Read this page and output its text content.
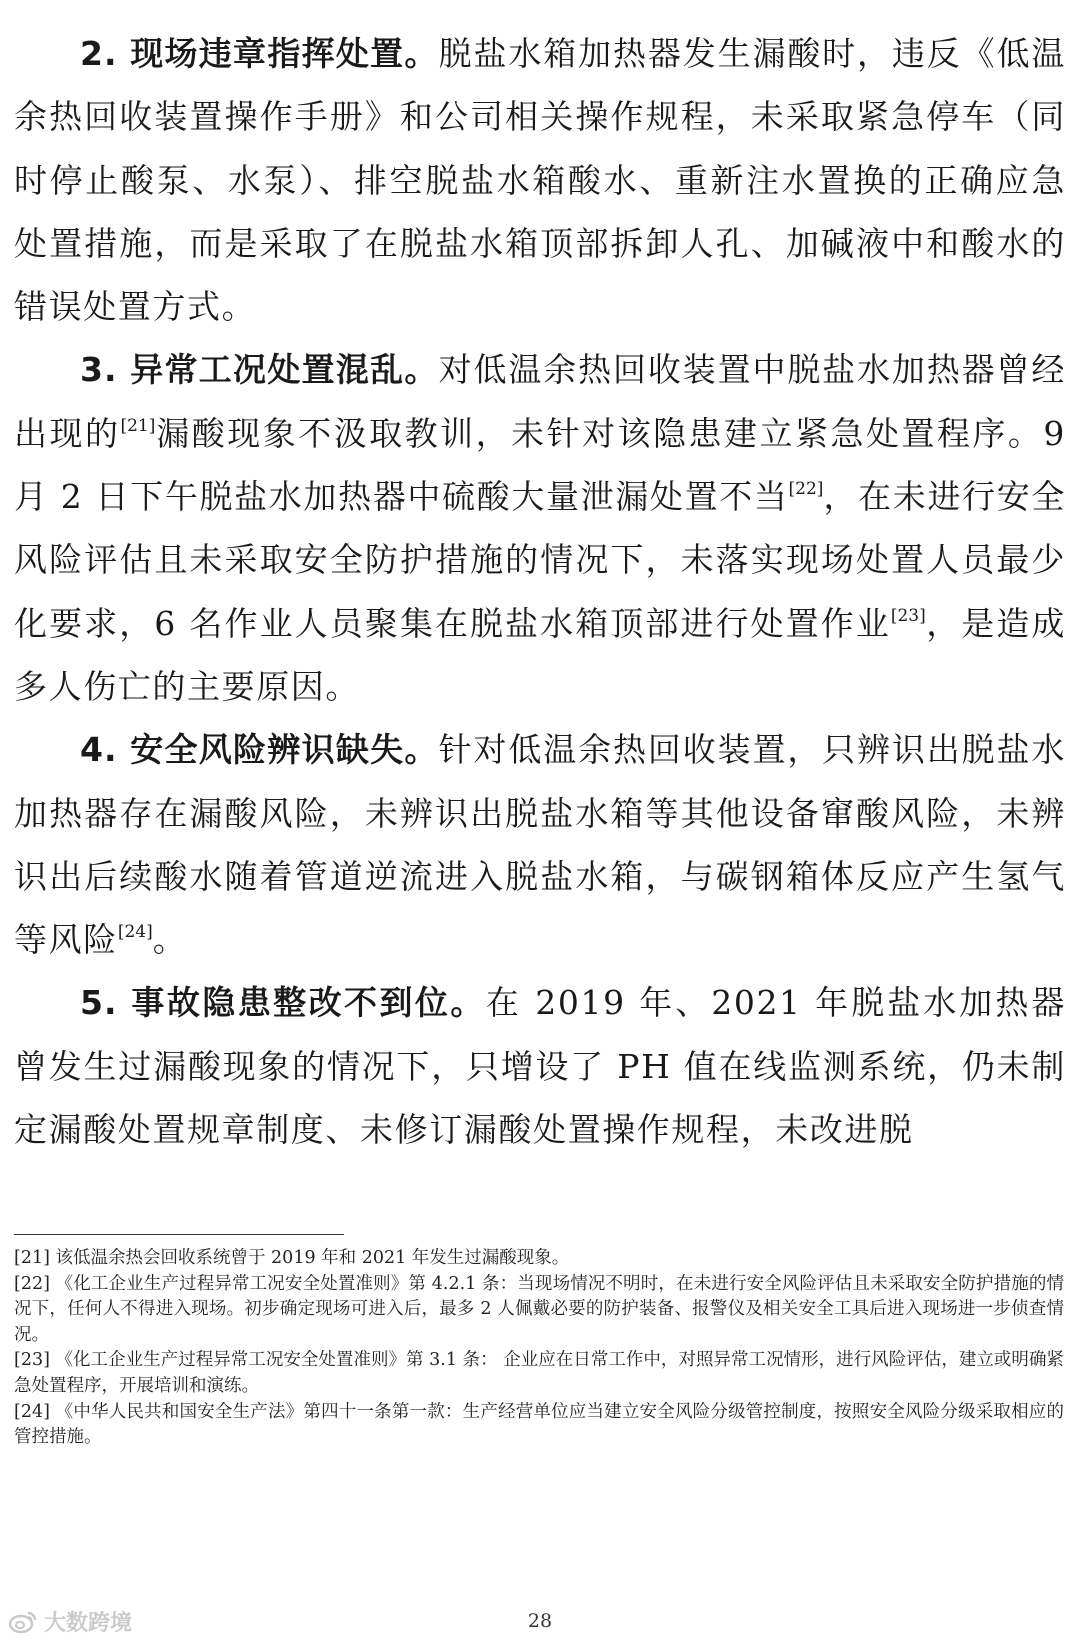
2. 现场违章指挥处置。脱盐水箱加热器发生漏酸时，违反《低温余热回收装置操作手册》和公司相关操作规程，未采取紧急停车（同时停止酸泵、水泵）、排空脱盐水箱酸水、重新注水置换的正确应急处置措施，而是采取了在脱盐水箱顶部拆卸人孔、加碱液中和酸水的错误处置方式。

3. 异常工况处置混乱。对低温余热回收装置中脱盐水加热器曾经出现的[21]漏酸现象不汲取教训，未针对该隐患建立紧急处置程序。9 月 2 日下午脱盐水加热器中硫酸大量泄漏处置不当[22]，在未进行安全风险评估且未采取安全防护措施的情况下，未落实现场处置人员最少化要求，6 名作业人员聚集在脱盐水箱顶部进行处置作业[23]，是造成多人伤亡的主要原因。

4. 安全风险辨识缺失。针对低温余热回收装置，只辨识出脱盐水加热器存在漏酸风险，未辨识出脱盐水箱等其他设备窜酸风险，未辨识出后续酸水随着管道逆流进入脱盐水箱，与碳钢箱体反应产生氢气等风险[24]。

5. 事故隐患整改不到位。在 2019 年、2021 年脱盐水加热器曾发生过漏酸现象的情况下，只增设了 PH 值在线监测系统，仍未制定漏酸处置规章制度、未修订漏酸处置操作规程，未改进脱

[21] 该低温余热会回收系统曾于 2019 年和 2021 年发生过漏酸现象。

[22] 《化工企业生产过程异常工况安全处置准则》第 4.2.1 条：当现场情况不明时，在未进行安全风险评估且未采取安全防护措施的情况下，任何人不得进入现场。初步确定现场可进入后，最多 2 人佩戴必要的防护装备、报警仪及相关安全工具后进入现场进一步侦查情况。

[23] 《化工企业生产过程异常工况安全处置准则》第 3.1 条： 企业应在日常工作中，对照异常工况情形，进行风险评估，建立或明确紧急处置程序，开展培训和演练。

[24] 《中华人民共和国安全生产法》第四十一条第一款：生产经营单位应当建立安全风险分级管控制度，按照安全风险分级采取相应的管控措施。

大数跨境	28
